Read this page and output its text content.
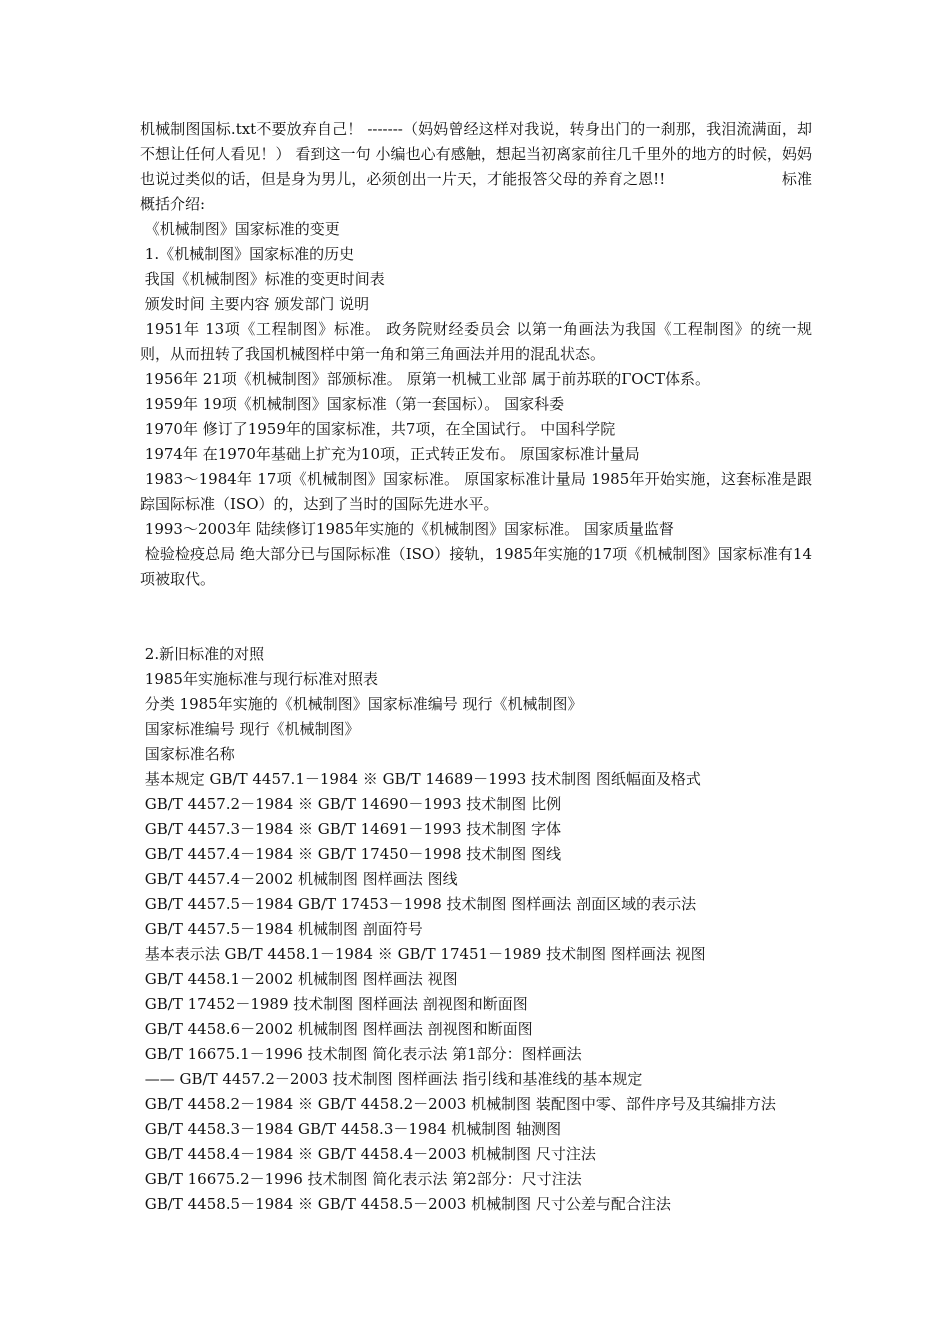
机械制图国标.txt不要放弃自己！ -------（妈妈曾经这样对我说，转身出门的一刹那，我泪流满面，却不想让任何人看见！） 看到这一句 小编也心有感触，想起当初离家前往几千里外的地方的时候，妈妈也说过类似的话，但是身为男儿，必须创出一片天，才能报答父母的养育之恩!!                        标准概括介绍:

《机械制图》国家标准的变更

1.《机械制图》国家标准的历史

我国《机械制图》标准的变更时间表

颁发时间 主要内容 颁发部门 说明

1951年 13项《工程制图》标准。 政务院财经委员会 以第一角画法为我国《工程制图》的统一规则，从而扭转了我国机械图样中第一角和第三角画法并用的混乱状态。

1956年 21项《机械制图》部颁标准。 原第一机械工业部 属于前苏联的ГОСТ体系。

1959年 19项《机械制图》国家标准（第一套国标）。 国家科委

1970年 修订了1959年的国家标准，共7项，在全国试行。 中国科学院

1974年 在1970年基础上扩充为10项，正式转正发布。 原国家标准计量局

1983～1984年 17项《机械制图》国家标准。 原国家标准计量局 1985年开始实施，这套标准是跟踪国际标准（ISO）的，达到了当时的国际先进水平。

1993～2003年 陆续修订1985年实施的《机械制图》国家标准。 国家质量监督

检验检疫总局 绝大部分已与国际标准（ISO）接轨，1985年实施的17项《机械制图》国家标准有14项被取代。

2.新旧标准的对照

1985年实施标准与现行标准对照表

分类 1985年实施的《机械制图》国家标准编号 现行《机械制图》

国家标准编号 现行《机械制图》

国家标准名称

基本规定 GB/T 4457.1－1984 ※ GB/T 14689－1993 技术制图 图纸幅面及格式

GB/T 4457.2－1984 ※ GB/T 14690－1993 技术制图 比例

GB/T 4457.3－1984 ※ GB/T 14691－1993 技术制图 字体

GB/T 4457.4－1984 ※ GB/T 17450－1998 技术制图 图线

GB/T 4457.4－2002 机械制图 图样画法 图线

GB/T 4457.5－1984 GB/T 17453－1998 技术制图 图样画法 剖面区域的表示法

GB/T 4457.5－1984 机械制图 剖面符号

基本表示法 GB/T 4458.1－1984 ※ GB/T 17451－1989 技术制图 图样画法 视图

GB/T 4458.1－2002 机械制图 图样画法 视图

GB/T 17452－1989 技术制图 图样画法 剖视图和断面图

GB/T 4458.6－2002 机械制图 图样画法 剖视图和断面图

GB/T 16675.1－1996 技术制图 简化表示法 第1部分：图样画法

—— GB/T 4457.2－2003 技术制图 图样画法 指引线和基准线的基本规定

GB/T 4458.2－1984 ※ GB/T 4458.2－2003 机械制图 装配图中零、部件序号及其编排方法

GB/T 4458.3－1984 GB/T 4458.3－1984 机械制图 轴测图

GB/T 4458.4－1984 ※ GB/T 4458.4－2003 机械制图 尺寸注法

GB/T 16675.2－1996 技术制图 简化表示法 第2部分：尺寸注法

GB/T 4458.5－1984 ※ GB/T 4458.5－2003 机械制图 尺寸公差与配合注法
